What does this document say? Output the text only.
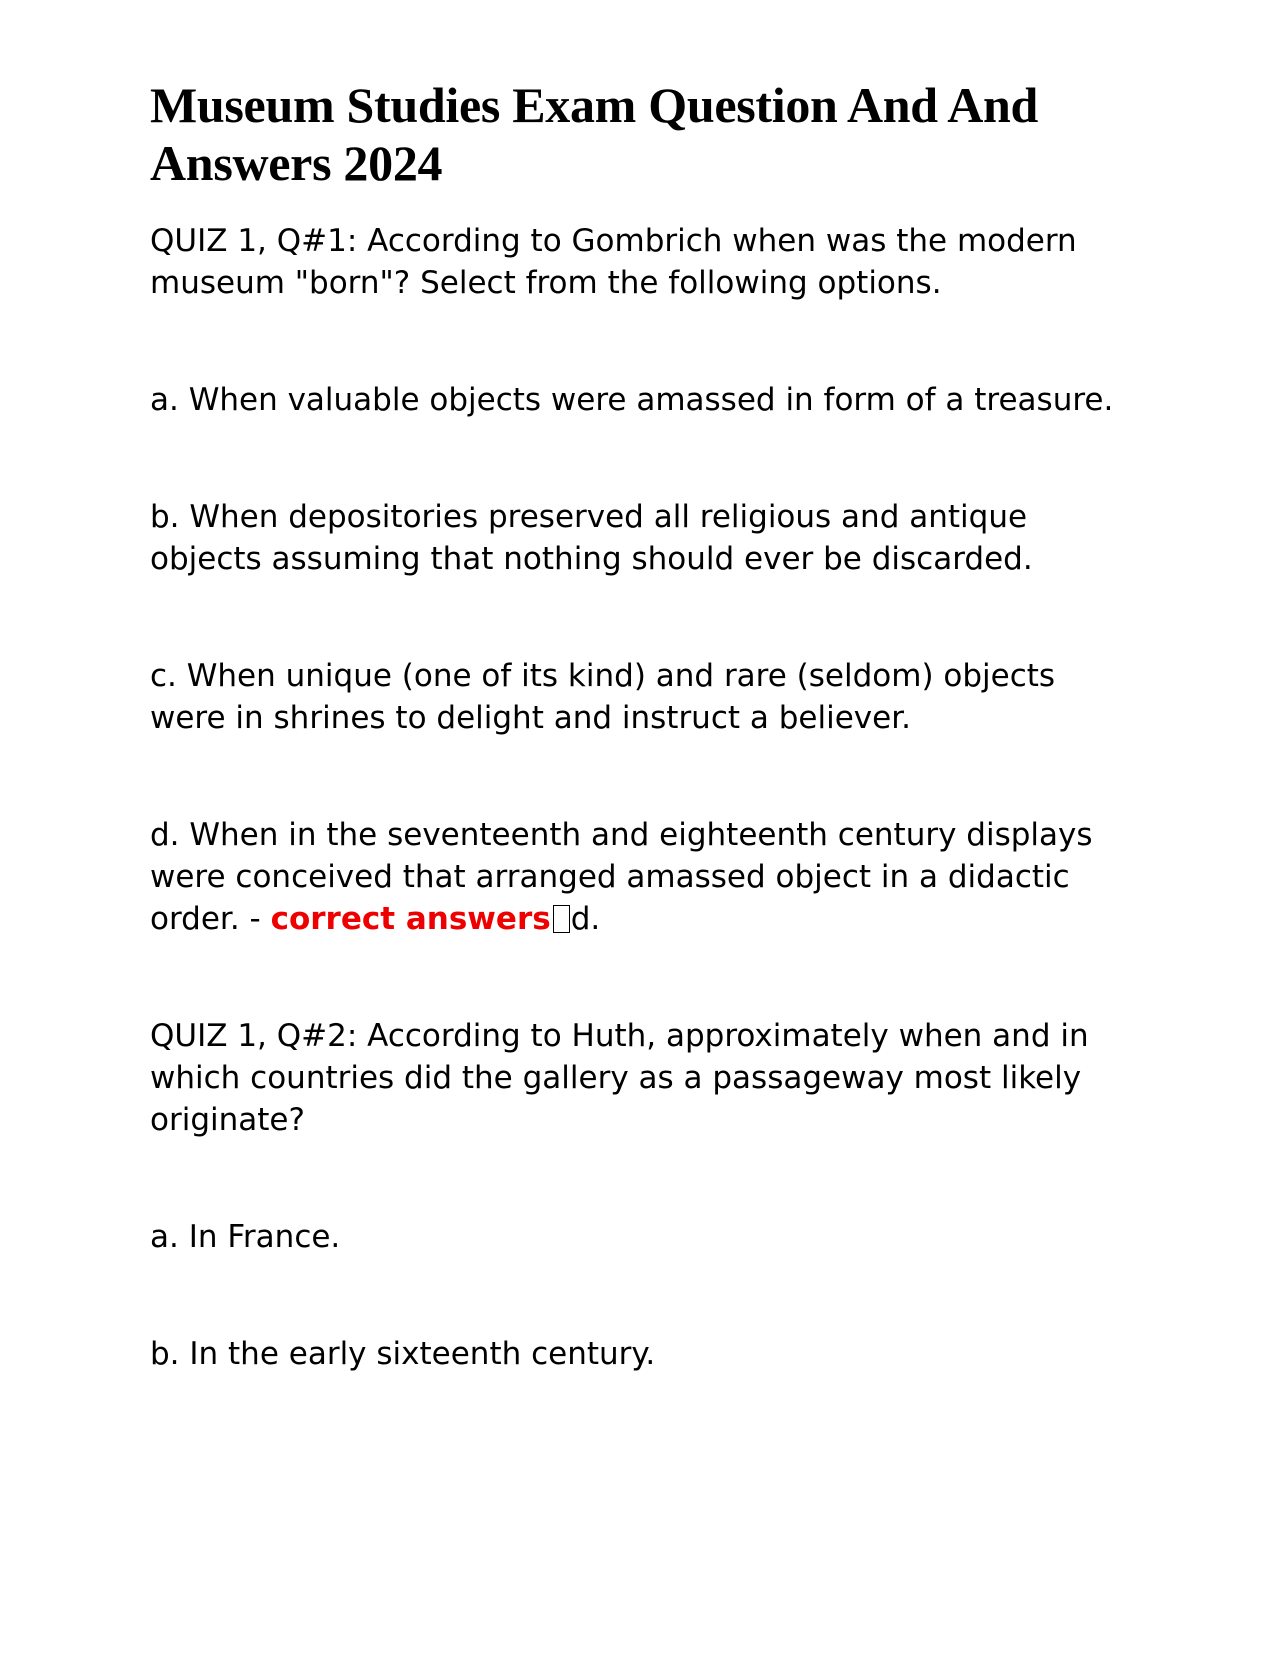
Museum Studies Exam Question And And Answers 2024

QUIZ 1, Q#1: According to Gombrich when was the modern museum "born"? Select from the following options.

a. When valuable objects were amassed in form of a treasure.

b. When depositories preserved all religious and antique objects assuming that nothing should ever be discarded.

c. When unique (one of its kind) and rare (seldom) objects were in shrines to delight and instruct a believer.

d. When in the seventeenth and eighteenth century displays were conceived that arranged amassed object in a didactic order. - correct answers d.

QUIZ 1, Q#2: According to Huth, approximately when and in which countries did the gallery as a passageway most likely originate?

a. In France.

b. In the early sixteenth century.
